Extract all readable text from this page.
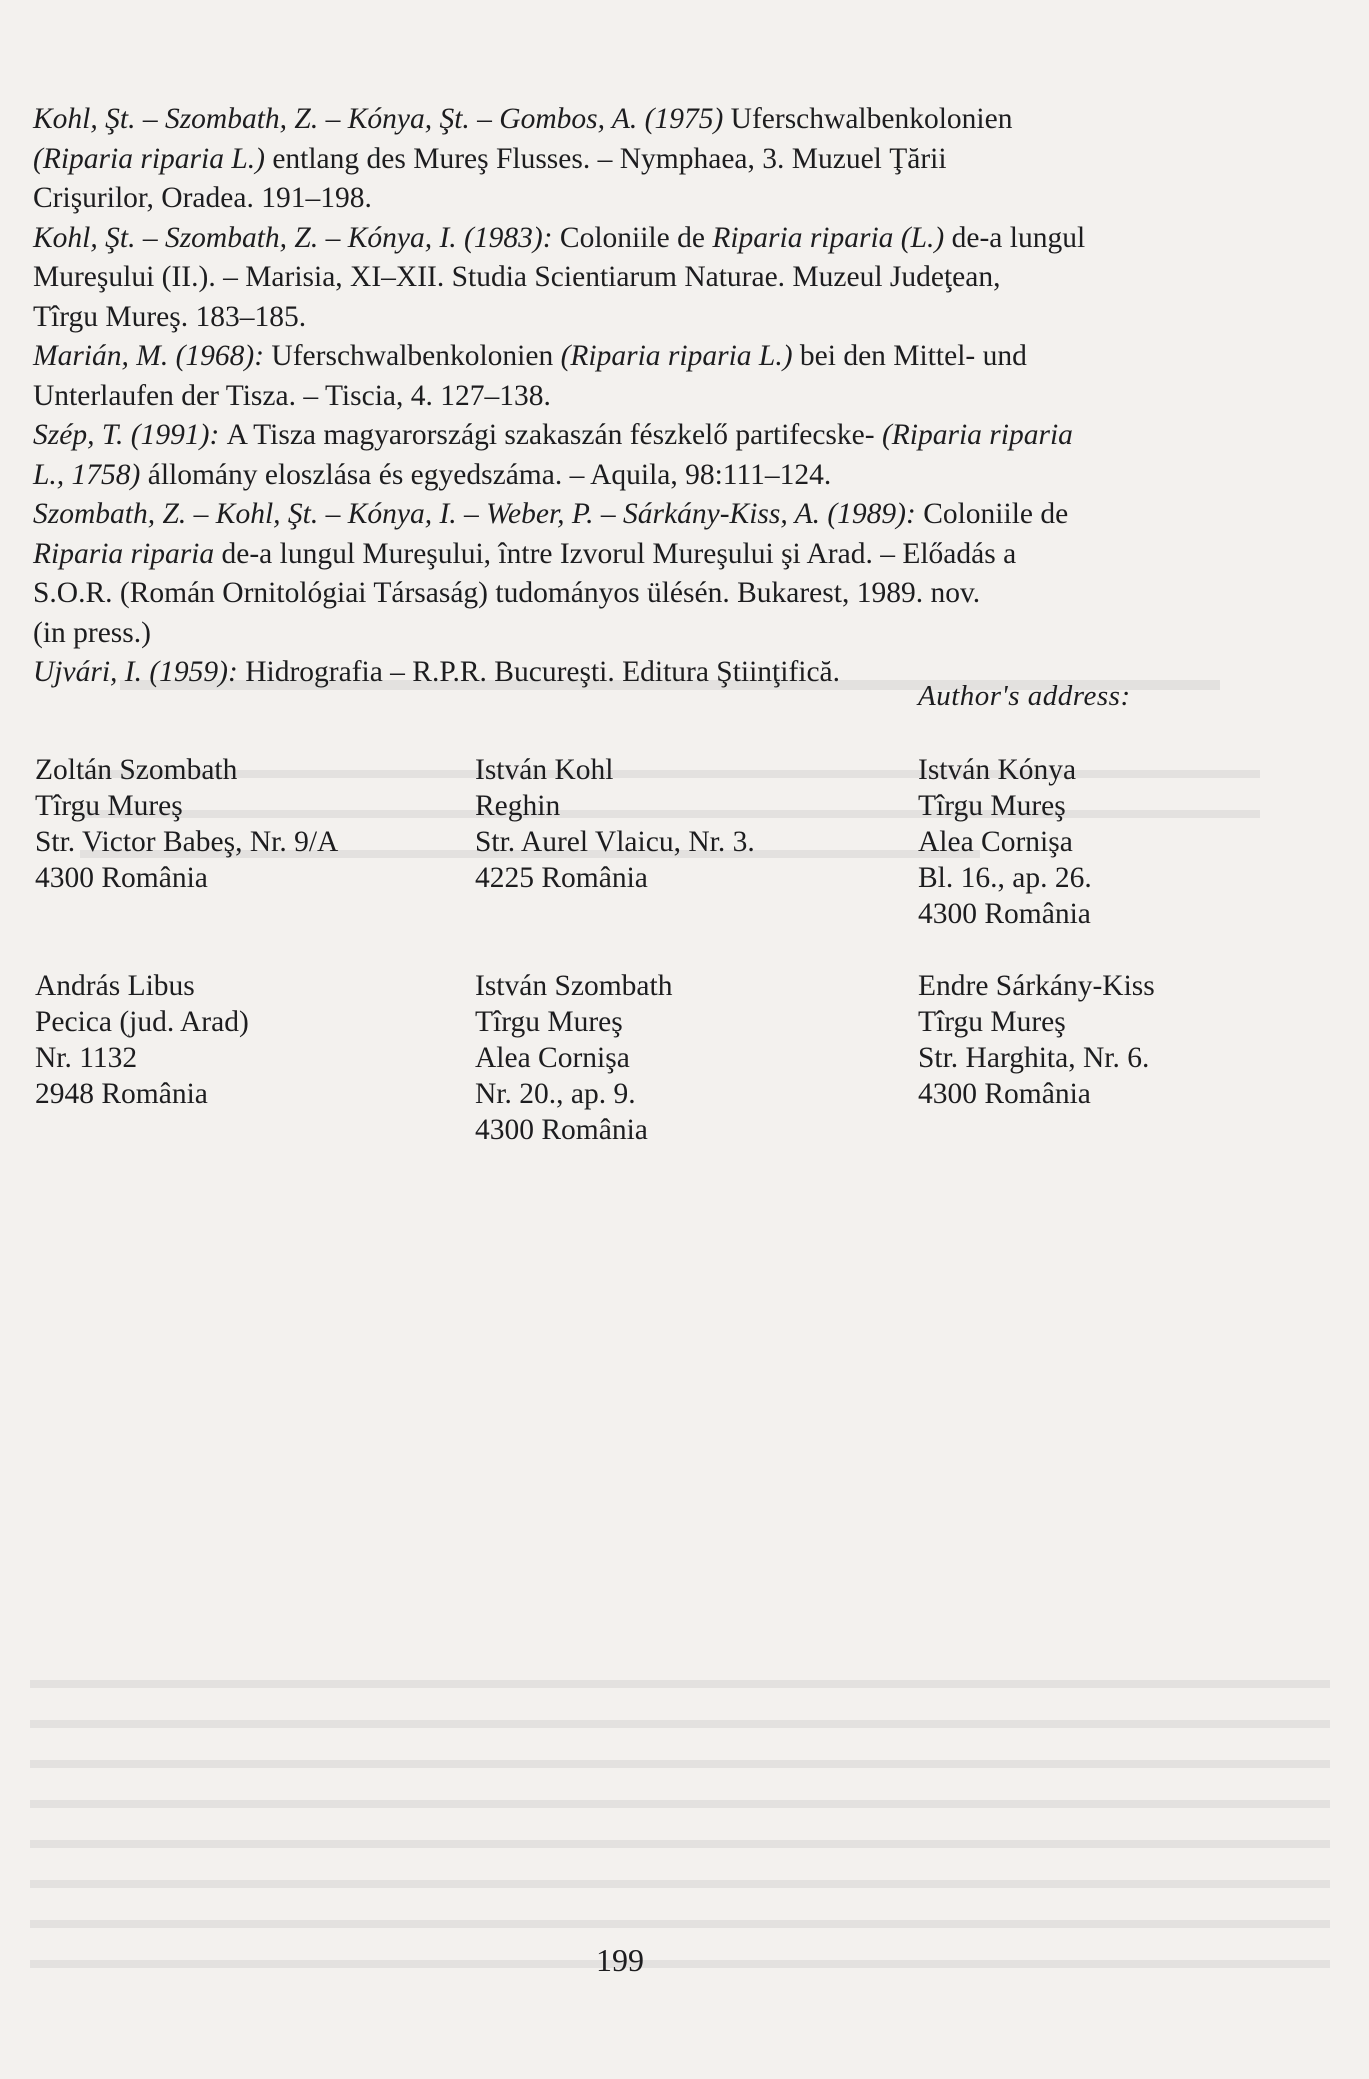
Kohl, Şt. – Szombath, Z. – Kónya, Şt. – Gombos, A. (1975) Uferschwalbenkolonien
(Riparia riparia L.) entlang des Mureş Flusses. – Nymphaea, 3. Muzuel Ţării
Crişurilor, Oradea. 191–198.
Kohl, Şt. – Szombath, Z. – Kónya, I. (1983): Coloniile de Riparia riparia (L.) de-a lungul
Mureşului (II.). – Marisia, XI–XII. Studia Scientiarum Naturae. Muzeul Judeţean,
Tîrgu Mureş. 183–185.
Marián, M. (1968): Uferschwalbenkolonien (Riparia riparia L.) bei den Mittel- und
Unterlaufen der Tisza. – Tiscia, 4. 127–138.
Szép, T. (1991): A Tisza magyarországi szakaszán fészkelő partifecske- (Riparia riparia
L., 1758) állomány eloszlása és egyedszáma. – Aquila, 98:111–124.
Szombath, Z. – Kohl, Şt. – Kónya, I. – Weber, P. – Sárkány-Kiss, A. (1989): Coloniile de
Riparia riparia de-a lungul Mureşului, între Izvorul Mureşului şi Arad. – Előadás a
S.O.R. (Román Ornitológiai Társaság) tudományos ülésén. Bukarest, 1989. nov.
(in press.)
Ujvári, I. (1959): Hidrografia – R.P.R. Bucureşti. Editura Ştiinţifică.
Author's address:
Zoltán Szombath
Tîrgu Mureş
Str. Victor Babeş, Nr. 9/A
4300 România
István Kohl
Reghin
Str. Aurel Vlaicu, Nr. 3.
4225 România
István Kónya
Tîrgu Mureş
Alea Cornişa
Bl. 16., ap. 26.
4300 România
András Libus
Pecica (jud. Arad)
Nr. 1132
2948 România
István Szombath
Tîrgu Mureş
Alea Cornişa
Nr. 20., ap. 9.
4300 România
Endre Sárkány-Kiss
Tîrgu Mureş
Str. Harghita, Nr. 6.
4300 România
199
